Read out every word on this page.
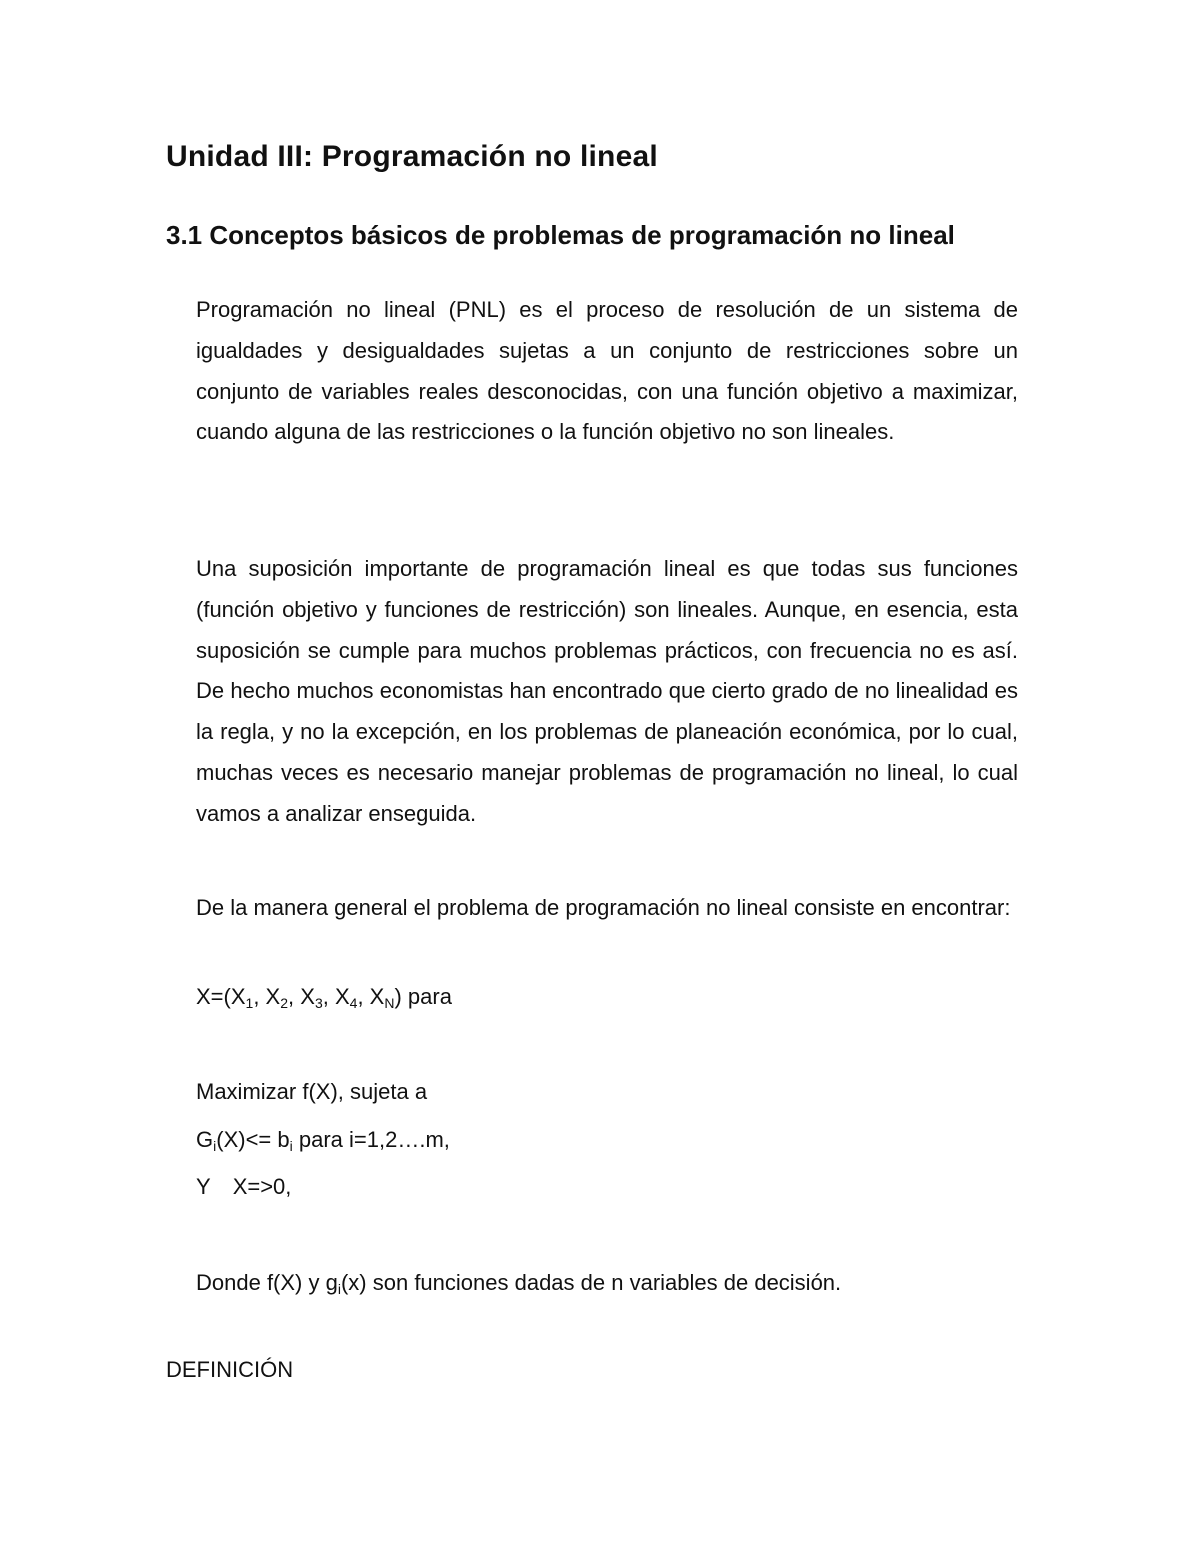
Unidad III: Programación no lineal
3.1 Conceptos básicos de problemas de programación no lineal

Programación no lineal (PNL) es el proceso de resolución de un sistema de igualdades y desigualdades sujetas a un conjunto de restricciones sobre un conjunto de variables reales desconocidas, con una función objetivo a maximizar, cuando alguna de las restricciones o la función objetivo no son lineales.

Una suposición importante de programación lineal es que todas sus funciones (función objetivo y funciones de restricción) son lineales. Aunque, en esencia, esta suposición se cumple para muchos problemas prácticos, con frecuencia no es así. De hecho muchos economistas han encontrado que cierto grado de no linealidad es la regla, y no la excepción, en los problemas de planeación económica, por lo cual, muchas veces es necesario manejar problemas de programación no lineal, lo cual vamos a analizar enseguida.

De la manera general el problema de programación no lineal consiste en encontrar:

$X=(X_1$, $X_2$, $X_3$, $X_4$, $X_N$) para

Maximizar f(X), sujeta a

$G_i(X)<= b_i$ para i=1,2….m,

Y X=>0,

Donde f(X) y $g_i(x)$ son funciones dadas de n variables de decisión.

DEFINICIÓN
